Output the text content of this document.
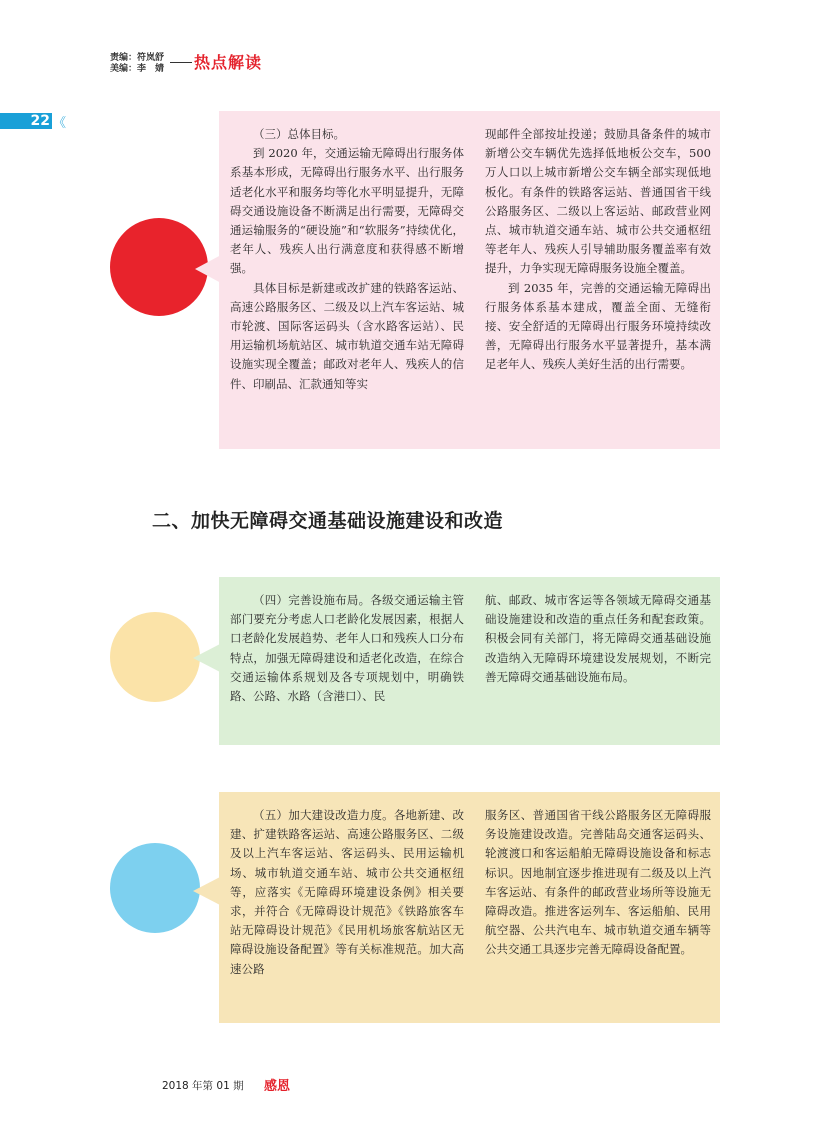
责编：符岚舒
美编：李　婧 热点解读
22 《

（三）总体目标。

到 2020 年，交通运输无障碍出行服务体系基本形成，无障碍出行服务水平、出行服务适老化水平和服务均等化水平明显提升，无障碍交通设施设备不断满足出行需要，无障碍交通运输服务的“硬设施”和“软服务”持续优化，老年人、残疾人出行满意度和获得感不断增强。

具体目标是新建或改扩建的铁路客运站、高速公路服务区、二级及以上汽车客运站、城市轮渡、国际客运码头（含水路客运站）、民用运输机场航站区、城市轨道交通车站无障碍设施实现全覆盖；邮政对老年人、残疾人的信件、印刷品、汇款通知等实

现邮件全部按址投递；鼓励具备条件的城市新增公交车辆优先选择低地板公交车，500 万人口以上城市新增公交车辆全部实现低地板化。有条件的铁路客运站、普通国省干线公路服务区、二级以上客运站、邮政营业网点、城市轨道交通车站、城市公共交通枢纽等老年人、残疾人引导辅助服务覆盖率有效提升，力争实现无障碍服务设施全覆盖。

到 2035 年，完善的交通运输无障碍出行服务体系基本建成，覆盖全面、无缝衔接、安全舒适的无障碍出行服务环境持续改善，无障碍出行服务水平显著提升，基本满足老年人、残疾人美好生活的出行需要。

二、加快无障碍交通基础设施建设和改造

（四）完善设施布局。各级交通运输主管部门要充分考虑人口老龄化发展因素，根据人口老龄化发展趋势、老年人口和残疾人口分布特点，加强无障碍建设和适老化改造，在综合交通运输体系规划及各专项规划中，明确铁路、公路、水路（含港口）、民

航、邮政、城市客运等各领域无障碍交通基础设施建设和改造的重点任务和配套政策。积极会同有关部门，将无障碍交通基础设施改造纳入无障碍环境建设发展规划，不断完善无障碍交通基础设施布局。

（五）加大建设改造力度。各地新建、改建、扩建铁路客运站、高速公路服务区、二级及以上汽车客运站、客运码头、民用运输机场、城市轨道交通车站、城市公共交通枢纽等，应落实《无障碍环境建设条例》相关要求，并符合《无障碍设计规范》《铁路旅客车站无障碍设计规范》《民用机场旅客航站区无障碍设施设备配置》等有关标准规范。加大高速公路

服务区、普通国省干线公路服务区无障碍服务设施建设改造。完善陆岛交通客运码头、轮渡渡口和客运船舶无障碍设施设备和标志标识。因地制宜逐步推进现有二级及以上汽车客运站、有条件的邮政营业场所等设施无障碍改造。推进客运列车、客运船舶、民用航空器、公共汽电车、城市轨道交通车辆等公共交通工具逐步完善无障碍设备配置。

2018 年第 01 期 感恩
